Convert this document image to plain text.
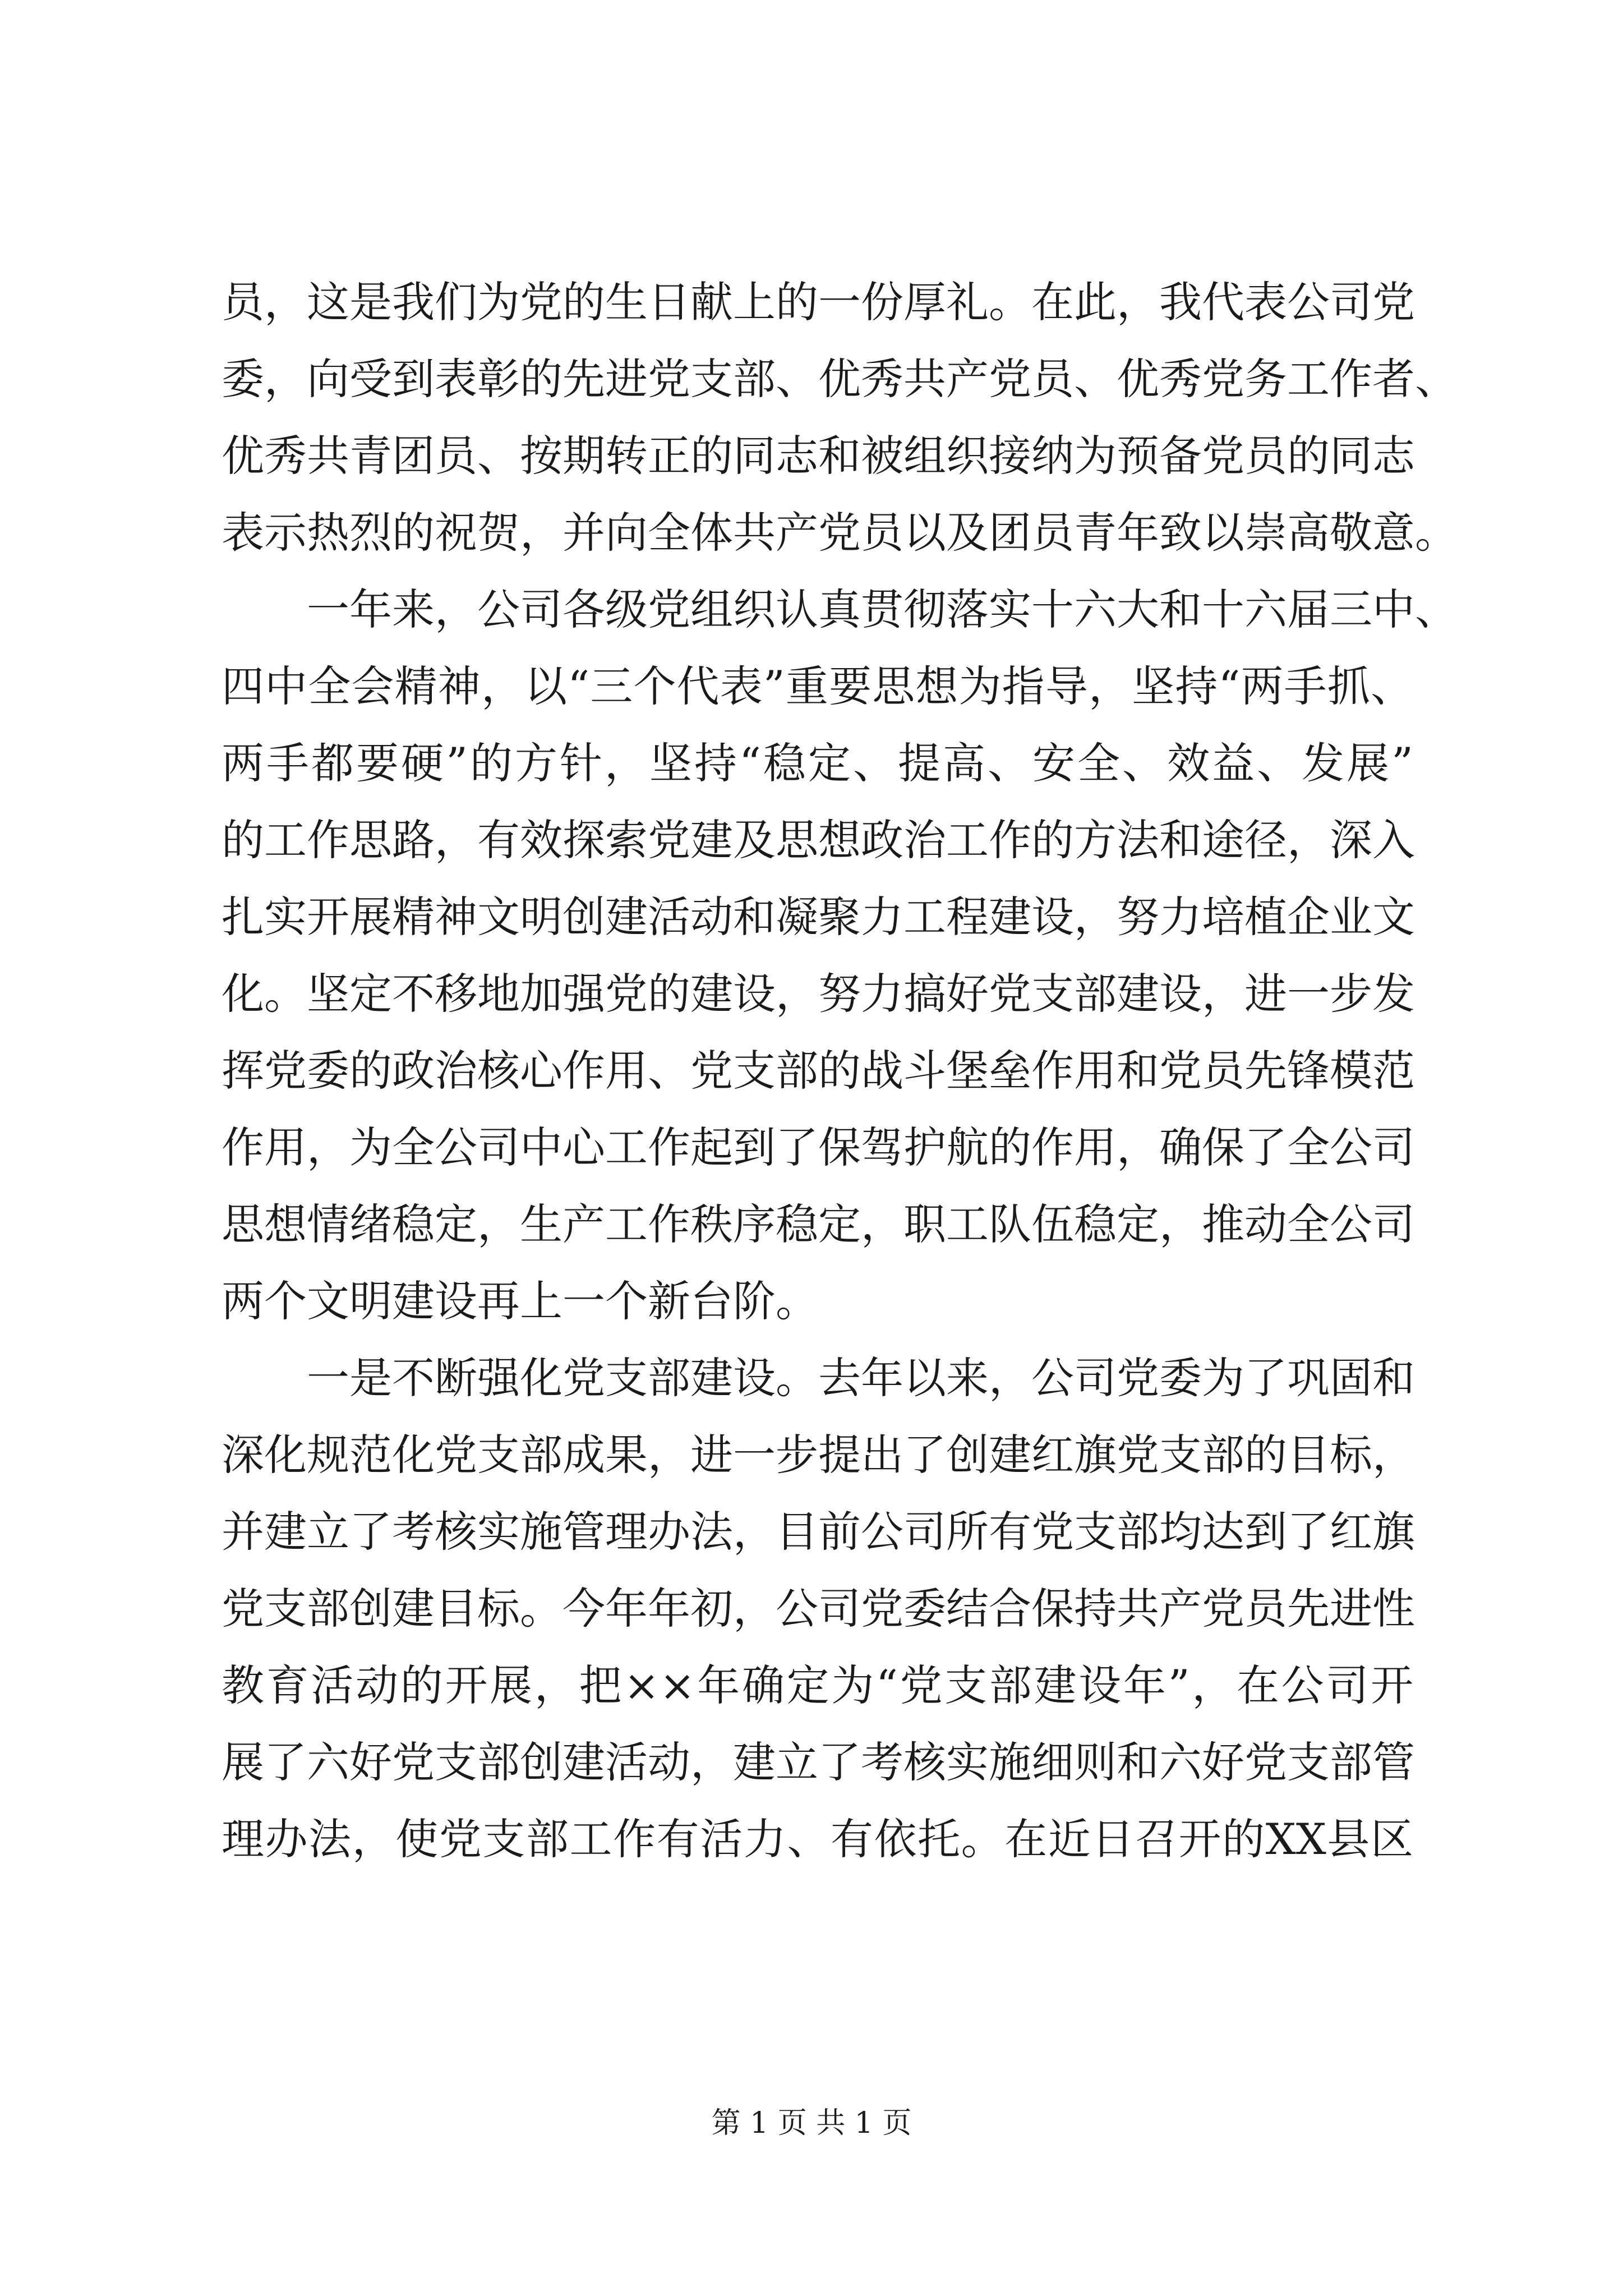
员，这是我们为党的生日献上的一份厚礼。在此，我代表公司党
委，向受到表彰的先进党支部、优秀共产党员、优秀党务工作者、
优秀共青团员、按期转正的同志和被组织接纳为预备党员的同志
表示热烈的祝贺，并向全体共产党员以及团员青年致以崇高敬意。
　　一年来，公司各级党组织认真贯彻落实十六大和十六届三中、
四中全会精神，以“三个代表”重要思想为指导，坚持“两手抓、
两手都要硬”的方针，坚持“稳定、提高、安全、效益、发展”
的工作思路，有效探索党建及思想政治工作的方法和途径，深入
扎实开展精神文明创建活动和凝聚力工程建设，努力培植企业文
化。坚定不移地加强党的建设，努力搞好党支部建设，进一步发
挥党委的政治核心作用、党支部的战斗堡垒作用和党员先锋模范
作用，为全公司中心工作起到了保驾护航的作用，确保了全公司
思想情绪稳定，生产工作秩序稳定，职工队伍稳定，推动全公司
两个文明建设再上一个新台阶。
　　一是不断强化党支部建设。去年以来，公司党委为了巩固和
深化规范化党支部成果，进一步提出了创建红旗党支部的目标，
并建立了考核实施管理办法，目前公司所有党支部均达到了红旗
党支部创建目标。今年年初，公司党委结合保持共产党员先进性
教育活动的开展，把××年确定为“党支部建设年”，在公司开
展了六好党支部创建活动，建立了考核实施细则和六好党支部管
理办法，使党支部工作有活力、有依托。在近日召开的XX县区
第 1 页 共 1 页
